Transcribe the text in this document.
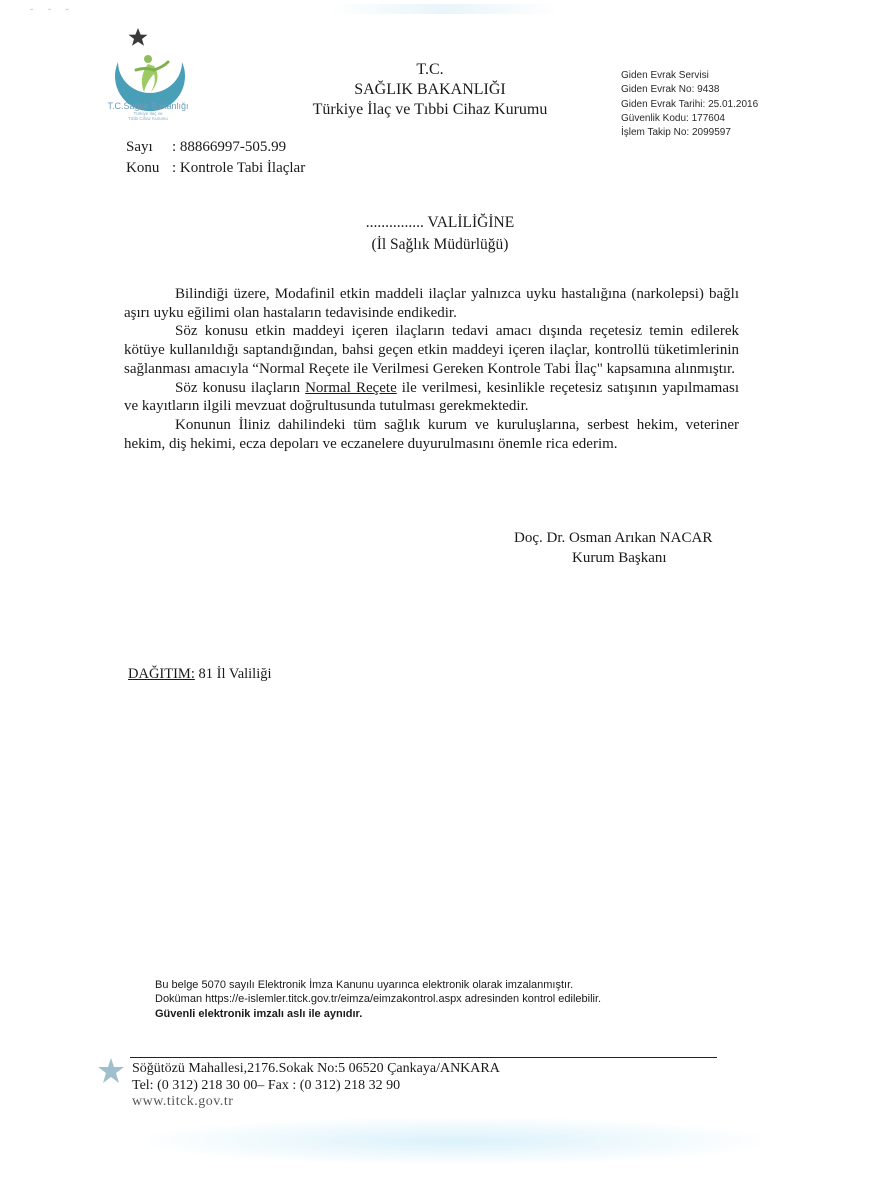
˘ ˘ ˘
T.C.Sağlık Bakanlığı
Türkiye İlaç ve
Tıbbi Cihaz Kurumu
T.C.
SAĞLIK BAKANLIĞI
Türkiye İlaç ve Tıbbi Cihaz Kurumu
Giden Evrak Servisi
Giden Evrak No: 9438
Giden Evrak Tarihi: 25.01.2016
Güvenlik Kodu: 177604
İşlem Takip No: 2099597
Sayı : 88866997-505.99
Konu : Kontrole Tabi İlaçlar
............... VALİLİĞİNE
(İl Sağlık Müdürlüğü)

Bilindiği üzere, Modafinil etkin maddeli ilaçlar yalnızca uyku hastalığına (narkolepsi) bağlı aşırı uyku eğilimi olan hastaların tedavisinde endikedir.

Söz konusu etkin maddeyi içeren ilaçların tedavi amacı dışında reçetesiz temin edilerek kötüye kullanıldığı saptandığından, bahsi geçen etkin maddeyi içeren ilaçlar, kontrollü tüketimlerinin sağlanması amacıyla “Normal Reçete ile Verilmesi Gereken Kontrole Tabi İlaç" kapsamına alınmıştır.

Söz konusu ilaçların Normal Reçete ile verilmesi, kesinlikle reçetesiz satışının yapılmaması ve kayıtların ilgili mevzuat doğrultusunda tutulması gerekmektedir.

Konunun İliniz dahilindeki tüm sağlık kurum ve kuruluşlarına, serbest hekim, veteriner hekim, diş hekimi, ecza depoları ve eczanelere duyurulmasını önemle rica ederim.

Doç. Dr. Osman Arıkan NACAR
Kurum Başkanı
DAĞITIM: 81 İl Valiliği
Bu belge 5070 sayılı Elektronik İmza Kanunu uyarınca elektronik olarak imzalanmıştır.
Doküman https://e-islemler.titck.gov.tr/eimza/eimzakontrol.aspx adresinden kontrol edilebilir.
Güvenli elektronik imzalı aslı ile aynıdır.
Söğütözü Mahallesi,2176.Sokak No:5 06520 Çankaya/ANKARA
Tel: (0 312) 218 30 00– Fax : (0 312) 218 32 90
www.titck.gov.tr
